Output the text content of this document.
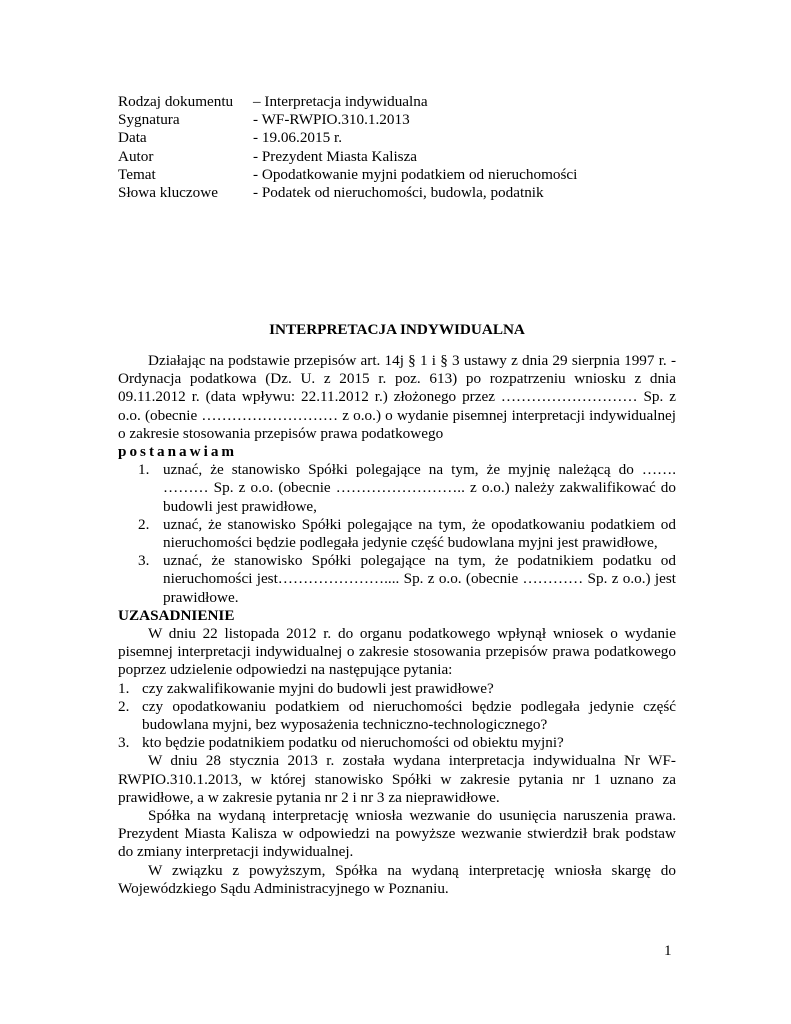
Rodzaj dokumentu	– Interpretacja indywidualna
Sygnatura	- WF-RWPIO.310.1.2013
Data	- 19.06.2015 r.
Autor	- Prezydent Miasta Kalisza
Temat	- Opodatkowanie myjni podatkiem od nieruchomości
Słowa kluczowe	- Podatek od nieruchomości, budowla, podatnik
INTERPRETACJA INDYWIDUALNA

Działając na podstawie przepisów art. 14j § 1 i § 3 ustawy z dnia 29 sierpnia 1997 r. - Ordynacja podatkowa (Dz. U. z 2015 r. poz. 613) po rozpatrzeniu wniosku z dnia 09.11.2012 r. (data wpływu: 22.11.2012 r.) złożonego przez ……………………… Sp. z o.o. (obecnie ……………………… z o.o.) o wydanie pisemnej interpretacji indywidualnej o zakresie stosowania przepisów prawa podatkowego

postanawiam

1. uznać, że stanowisko Spółki polegające na tym, że myjnię należącą do ……. ……… Sp. z o.o. (obecnie …………………….. z o.o.) należy zakwalifikować do budowli jest prawidłowe,
2. uznać, że stanowisko Spółki polegające na tym, że opodatkowaniu podatkiem od nieruchomości będzie podlegała jedynie część budowlana myjni jest prawidłowe,
3. uznać, że stanowisko Spółki polegające na tym, że podatnikiem podatku od nieruchomości jest………………….... Sp. z o.o. (obecnie ………… Sp. z o.o.) jest prawidłowe.

UZASADNIENIE

W dniu 22 listopada 2012 r. do organu podatkowego wpłynął wniosek o wydanie pisemnej interpretacji indywidualnej o zakresie stosowania przepisów prawa podatkowego poprzez udzielenie odpowiedzi na następujące pytania:

1. czy zakwalifikowanie myjni do budowli jest prawidłowe?
2. czy opodatkowaniu podatkiem od nieruchomości będzie podlegała jedynie część budowlana myjni, bez wyposażenia techniczno-technologicznego?
3. kto będzie podatnikiem podatku od nieruchomości od obiektu myjni?

W dniu 28 stycznia 2013 r. została wydana interpretacja indywidualna Nr WF-RWPIO.310.1.2013, w której stanowisko Spółki w zakresie pytania nr 1 uznano za prawidłowe, a w zakresie pytania nr 2 i nr 3 za nieprawidłowe.

Spółka na wydaną interpretację wniosła wezwanie do usunięcia naruszenia prawa. Prezydent Miasta Kalisza w odpowiedzi na powyższe wezwanie stwierdził brak podstaw do zmiany interpretacji indywidualnej.

W związku z powyższym, Spółka na wydaną interpretację wniosła skargę do Wojewódzkiego Sądu Administracyjnego w Poznaniu.

1
